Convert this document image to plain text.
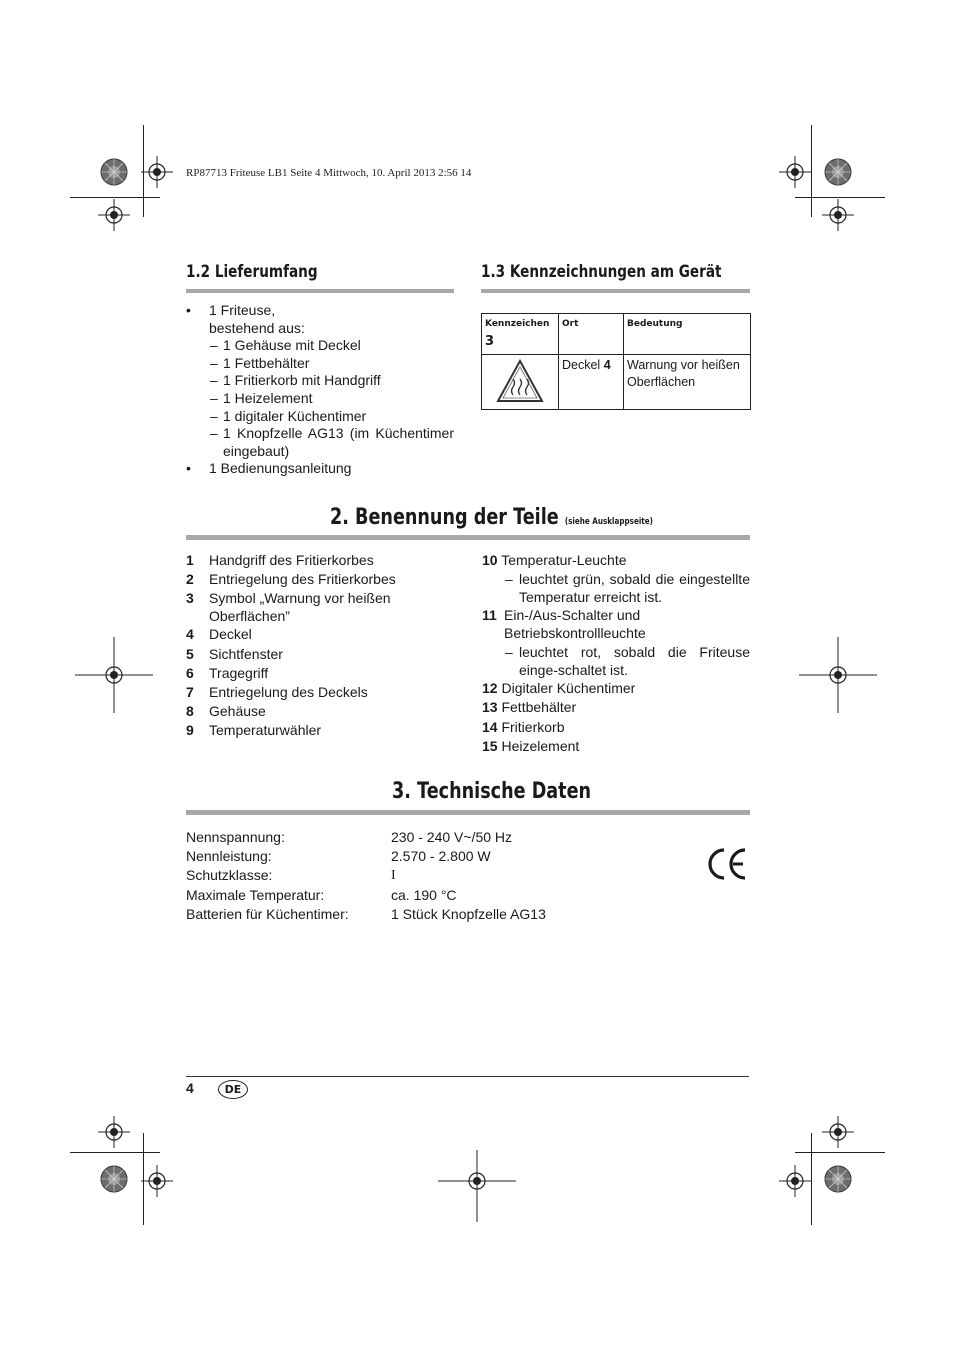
RP87713 Friteuse LB1 Seite 4 Mittwoch, 10. April 2013 2:56 14
1.2 Lieferumfang
• 1 Friteuse,
bestehend aus:
– 1 Gehäuse mit Deckel
– 1 Fettbehälter
– 1 Fritierkorb mit Handgriff
– 1 Heizelement
– 1 digitaler Küchentimer
– 1 Knopfzelle AG13 (im Küchentimer eingebaut)
• 1 Bedienungsanleitung
1.3 Kennzeichnungen am Gerät
Kennzeichen 3	Ort	Bedeutung
	Deckel 4	Warnung vor heißen Oberflächen
2. Benennung der Teile (siehe Ausklappseite)
1 Handgriff des Fritierkorbes
2 Entriegelung des Fritierkorbes
3 Symbol „Warnung vor heißen Oberflächen”
4 Deckel
5 Sichtfenster
6 Tragegriff
7 Entriegelung des Deckels
8 Gehäuse
9 Temperaturwähler
10 Temperatur-Leuchte
– leuchtet grün, sobald die eingestellte Temperatur erreicht ist.
11 Ein-/Aus-Schalter und Betriebskontrollleuchte
– leuchtet rot, sobald die Friteuse einge-schaltet ist.
12 Digitaler Küchentimer
13 Fettbehälter
14 Fritierkorb
15 Heizelement
3. Technische Daten
Nennspannung:	230 - 240 V~/50 Hz
Nennleistung:	2.570 - 2.800 W
Schutzklasse:	I
Maximale Temperatur:	ca. 190 °C
Batterien für Küchentimer:	1 Stück Knopfzelle AG13
4	DE
